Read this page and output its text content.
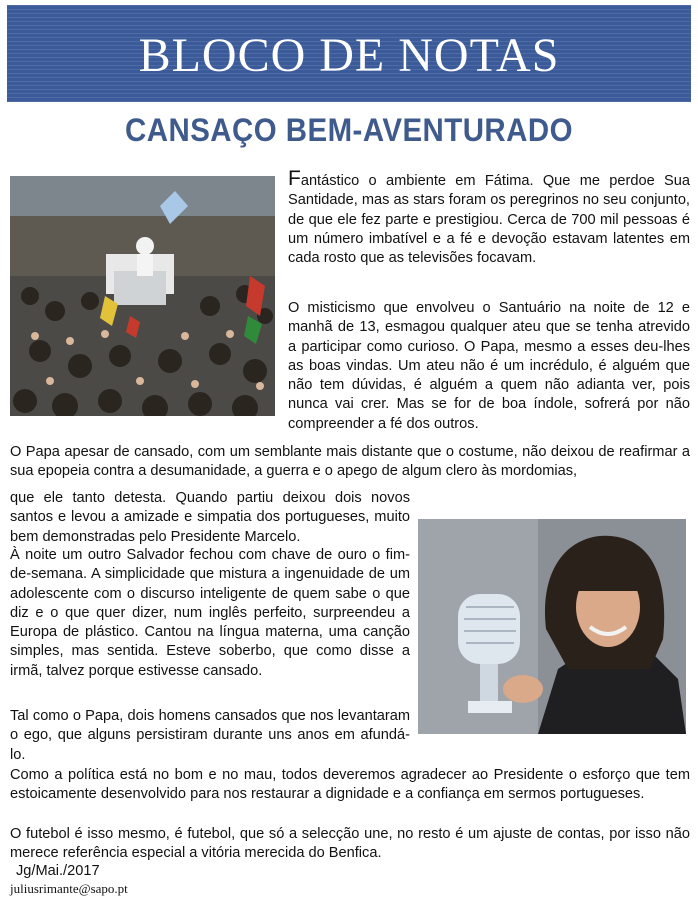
BLOCO DE NOTAS
CANSAÇO BEM-AVENTURADO

Fantástico o ambiente em Fátima. Que me perdoe Sua Santidade, mas as stars foram os peregrinos no seu conjunto, de que ele fez parte e prestigiou. Cerca de 700 mil pessoas é um número imbatível e a fé e devoção estavam latentes em cada rosto que as televisões focavam.

O misticismo que envolveu o Santuário na noite de 12 e manhã de 13, esmagou qualquer ateu que se tenha atrevido a participar como curioso. O Papa, mesmo a esses deu-lhes as boas vindas. Um ateu não é um incrédulo, é alguém que não tem dúvidas, é alguém a quem não adianta ver, pois nunca vai crer. Mas se for de boa índole, sofrerá por não compreender a fé dos outros.

O Papa apesar de cansado, com um semblante mais distante que o costume, não deixou de reafirmar a sua epopeia contra a desumanidade, a guerra e o apego de algum clero às mordomias,

que ele tanto detesta. Quando partiu deixou dois novos santos e levou a amizade e simpatia dos portugueses, muito bem demonstradas pelo Presidente Marcelo.

À noite um outro Salvador fechou com chave de ouro o fim-de-semana. A simplicidade que mistura a ingenuidade de um adolescente com o discurso inteligente de quem sabe o que diz e o que quer dizer, num inglês perfeito, surpreendeu a Europa de plástico. Cantou na língua materna, uma canção simples, mas sentida. Esteve soberbo, que como disse a irmã, talvez porque estivesse cansado.

Tal como o Papa, dois homens cansados que nos levantaram o ego, que alguns persistiram durante uns anos em afundá-lo.

Como a política está no bom e no mau, todos deveremos agradecer ao Presidente o esforço que tem estoicamente desenvolvido para nos restaurar a dignidade e a confiança em sermos portugueses.

O futebol é isso mesmo, é futebol, que só a selecção une, no resto é um ajuste de contas, por isso não merece referência especial a vitória merecida do Benfica.

Jg/Mai./2017
juliusrimante@sapo.pt
